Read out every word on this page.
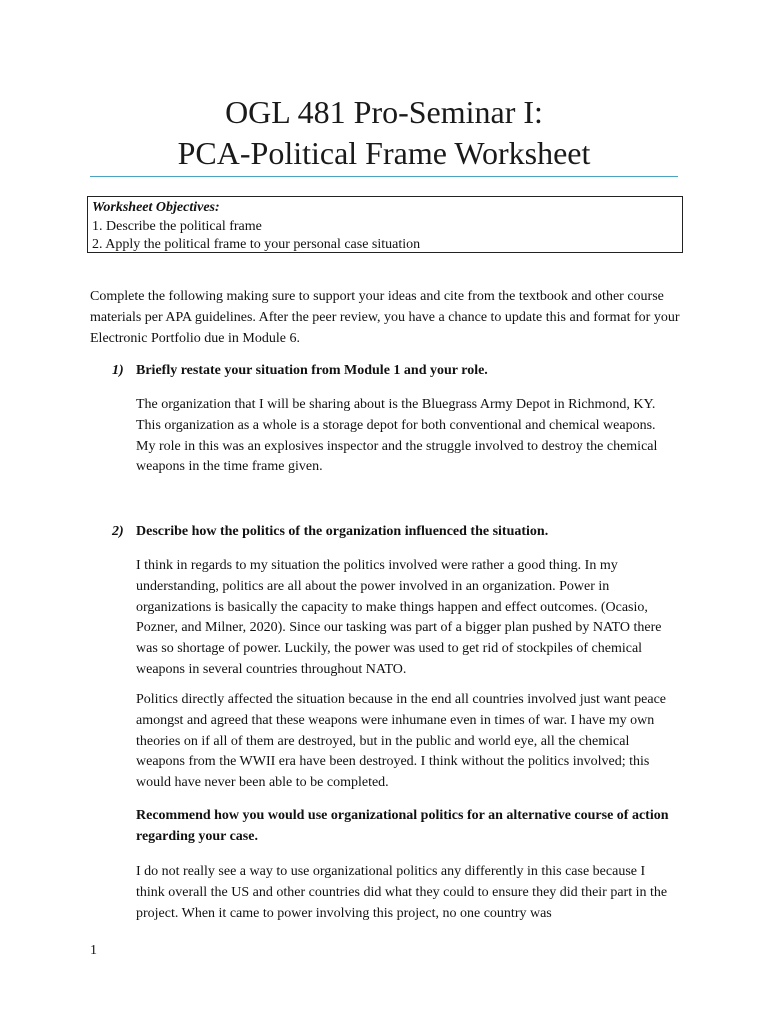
OGL 481 Pro-Seminar I:
PCA-Political Frame Worksheet
Worksheet Objectives:
1. Describe the political frame
2. Apply the political frame to your personal case situation

Complete the following making sure to support your ideas and cite from the textbook and other course materials per APA guidelines. After the peer review, you have a chance to update this and format for your Electronic Portfolio due in Module 6.

1) Briefly restate your situation from Module 1 and your role.

The organization that I will be sharing about is the Bluegrass Army Depot in Richmond, KY. This organization as a whole is a storage depot for both conventional and chemical weapons. My role in this was an explosives inspector and the struggle involved to destroy the chemical weapons in the time frame given.

2) Describe how the politics of the organization influenced the situation.

I think in regards to my situation the politics involved were rather a good thing. In my understanding, politics are all about the power involved in an organization. Power in organizations is basically the capacity to make things happen and effect outcomes. (Ocasio, Pozner, and Milner, 2020). Since our tasking was part of a bigger plan pushed by NATO there was so shortage of power. Luckily, the power was used to get rid of stockpiles of chemical weapons in several countries throughout NATO.

Politics directly affected the situation because in the end all countries involved just want peace amongst and agreed that these weapons were inhumane even in times of war. I have my own theories on if all of them are destroyed, but in the public and world eye, all the chemical weapons from the WWII era have been destroyed. I think without the politics involved; this would have never been able to be completed.

Recommend how you would use organizational politics for an alternative course of action regarding your case.

I do not really see a way to use organizational politics any differently in this case because I think overall the US and other countries did what they could to ensure they did their part in the project. When it came to power involving this project, no one country was

1
